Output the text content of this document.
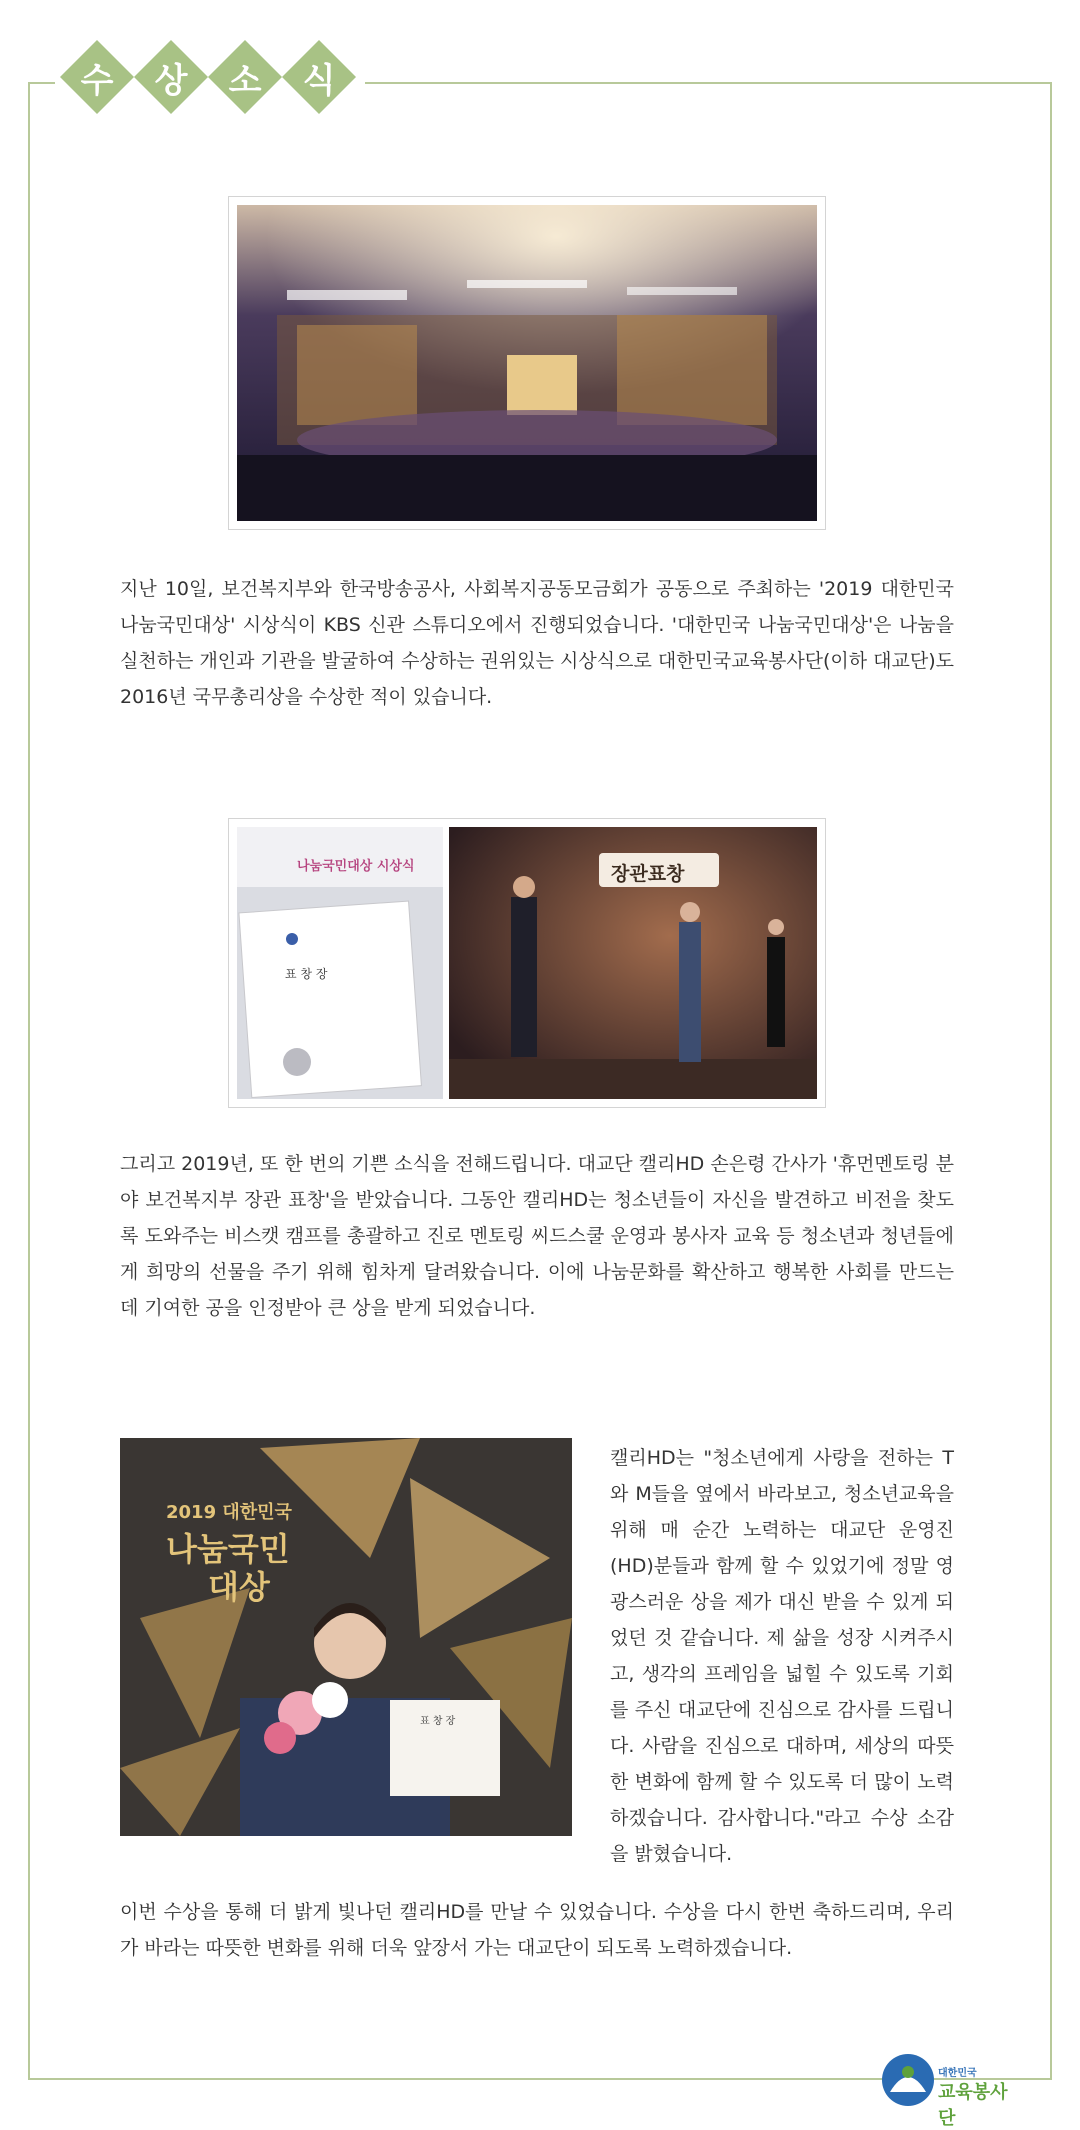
수	상	소	식
지난 10일, 보건복지부와 한국방송공사, 사회복지공동모금회가 공동으로 주최하는 '2019 대한민국 나눔국민대상' 시상식이 KBS 신관 스튜디오에서 진행되었습니다. '대한민국 나눔국민대상'은 나눔을 실천하는 개인과 기관을 발굴하여 수상하는 권위있는 시상식으로 대한민국교육봉사단(이하 대교단)도 2016년 국무총리상을 수상한 적이 있습니다.
나눔국민대상 시상식
표 창 장
장관표창
그리고 2019년, 또 한 번의 기쁜 소식을 전해드립니다. 대교단 캘리HD 손은령 간사가 '휴먼멘토링 분야 보건복지부 장관 표창'을 받았습니다. 그동안 캘리HD는 청소년들이 자신을 발견하고 비전을 찾도록 도와주는 비스캣 캠프를 총괄하고 진로 멘토링 씨드스쿨 운영과 봉사자 교육 등 청소년과 청년들에게 희망의 선물을 주기 위해 힘차게 달려왔습니다. 이에 나눔문화를 확산하고 행복한 사회를 만드는 데 기여한 공을 인정받아 큰 상을 받게 되었습니다.
2019 대한민국
나눔국민
대상
표 창 장
캘리HD는 "청소년에게 사랑을 전하는 T와 M들을 옆에서 바라보고, 청소년교육을 위해 매 순간 노력하는 대교단 운영진(HD)분들과 함께 할 수 있었기에 정말 영광스러운 상을 제가 대신 받을 수 있게 되었던 것 같습니다. 제 삶을 성장 시켜주시고, 생각의 프레임을 넓힐 수 있도록 기회를 주신 대교단에 진심으로 감사를 드립니다. 사람을 진심으로 대하며, 세상의 따뜻한 변화에 함께 할 수 있도록 더 많이 노력하겠습니다. 감사합니다."라고 수상 소감을 밝혔습니다.
이번 수상을 통해 더 밝게 빛나던 캘리HD를 만날 수 있었습니다. 수상을 다시 한번 축하드리며, 우리가 바라는 따뜻한 변화를 위해 더욱 앞장서 가는 대교단이 되도록 노력하겠습니다.
대한민국
교육봉사단
